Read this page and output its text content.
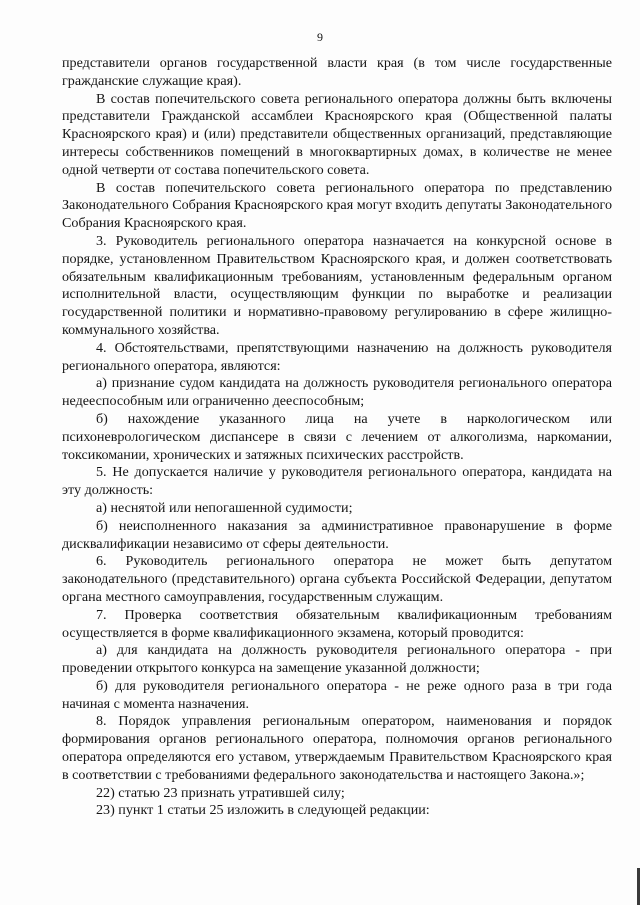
9

представители органов государственной власти края (в том числе государственные гражданские служащие края).

В состав попечительского совета регионального оператора должны быть включены представители Гражданской ассамблеи Красноярского края (Общественной палаты Красноярского края) и (или) представители общественных организаций, представляющие интересы собственников помещений в многоквартирных домах, в количестве не менее одной четверти от состава попечительского совета.

В состав попечительского совета регионального оператора по представлению Законодательного Собрания Красноярского края могут входить депутаты Законодательного Собрания Красноярского края.

3. Руководитель регионального оператора назначается на конкурсной основе в порядке, установленном Правительством Красноярского края, и должен соответствовать обязательным квалификационным требованиям, установленным федеральным органом исполнительной власти, осуществляющим функции по выработке и реализации государственной политики и нормативно-правовому регулированию в сфере жилищно-коммунального хозяйства.

4. Обстоятельствами, препятствующими назначению на должность руководителя регионального оператора, являются:

а) признание судом кандидата на должность руководителя регионального оператора недееспособным или ограниченно дееспособным;

б) нахождение указанного лица на учете в наркологическом или психоневрологическом диспансере в связи с лечением от алкоголизма, наркомании, токсикомании, хронических и затяжных психических расстройств.

5. Не допускается наличие у руководителя регионального оператора, кандидата на эту должность:

а) неснятой или непогашенной судимости;

б) неисполненного наказания за административное правонарушение в форме дисквалификации независимо от сферы деятельности.

6. Руководитель регионального оператора не может быть депутатом законодательного (представительного) органа субъекта Российской Федерации, депутатом органа местного самоуправления, государственным служащим.

7. Проверка соответствия обязательным квалификационным требованиям осуществляется в форме квалификационного экзамена, который проводится:

а) для кандидата на должность руководителя регионального оператора - при проведении открытого конкурса на замещение указанной должности;

б) для руководителя регионального оператора - не реже одного раза в три года начиная с момента назначения.

8. Порядок управления региональным оператором, наименования и порядок формирования органов регионального оператора, полномочия органов регионального оператора определяются его уставом, утверждаемым Правительством Красноярского края в соответствии с требованиями федерального законодательства и настоящего Закона.»;

22) статью 23 признать утратившей силу;

23) пункт 1 статьи 25 изложить в следующей редакции:
